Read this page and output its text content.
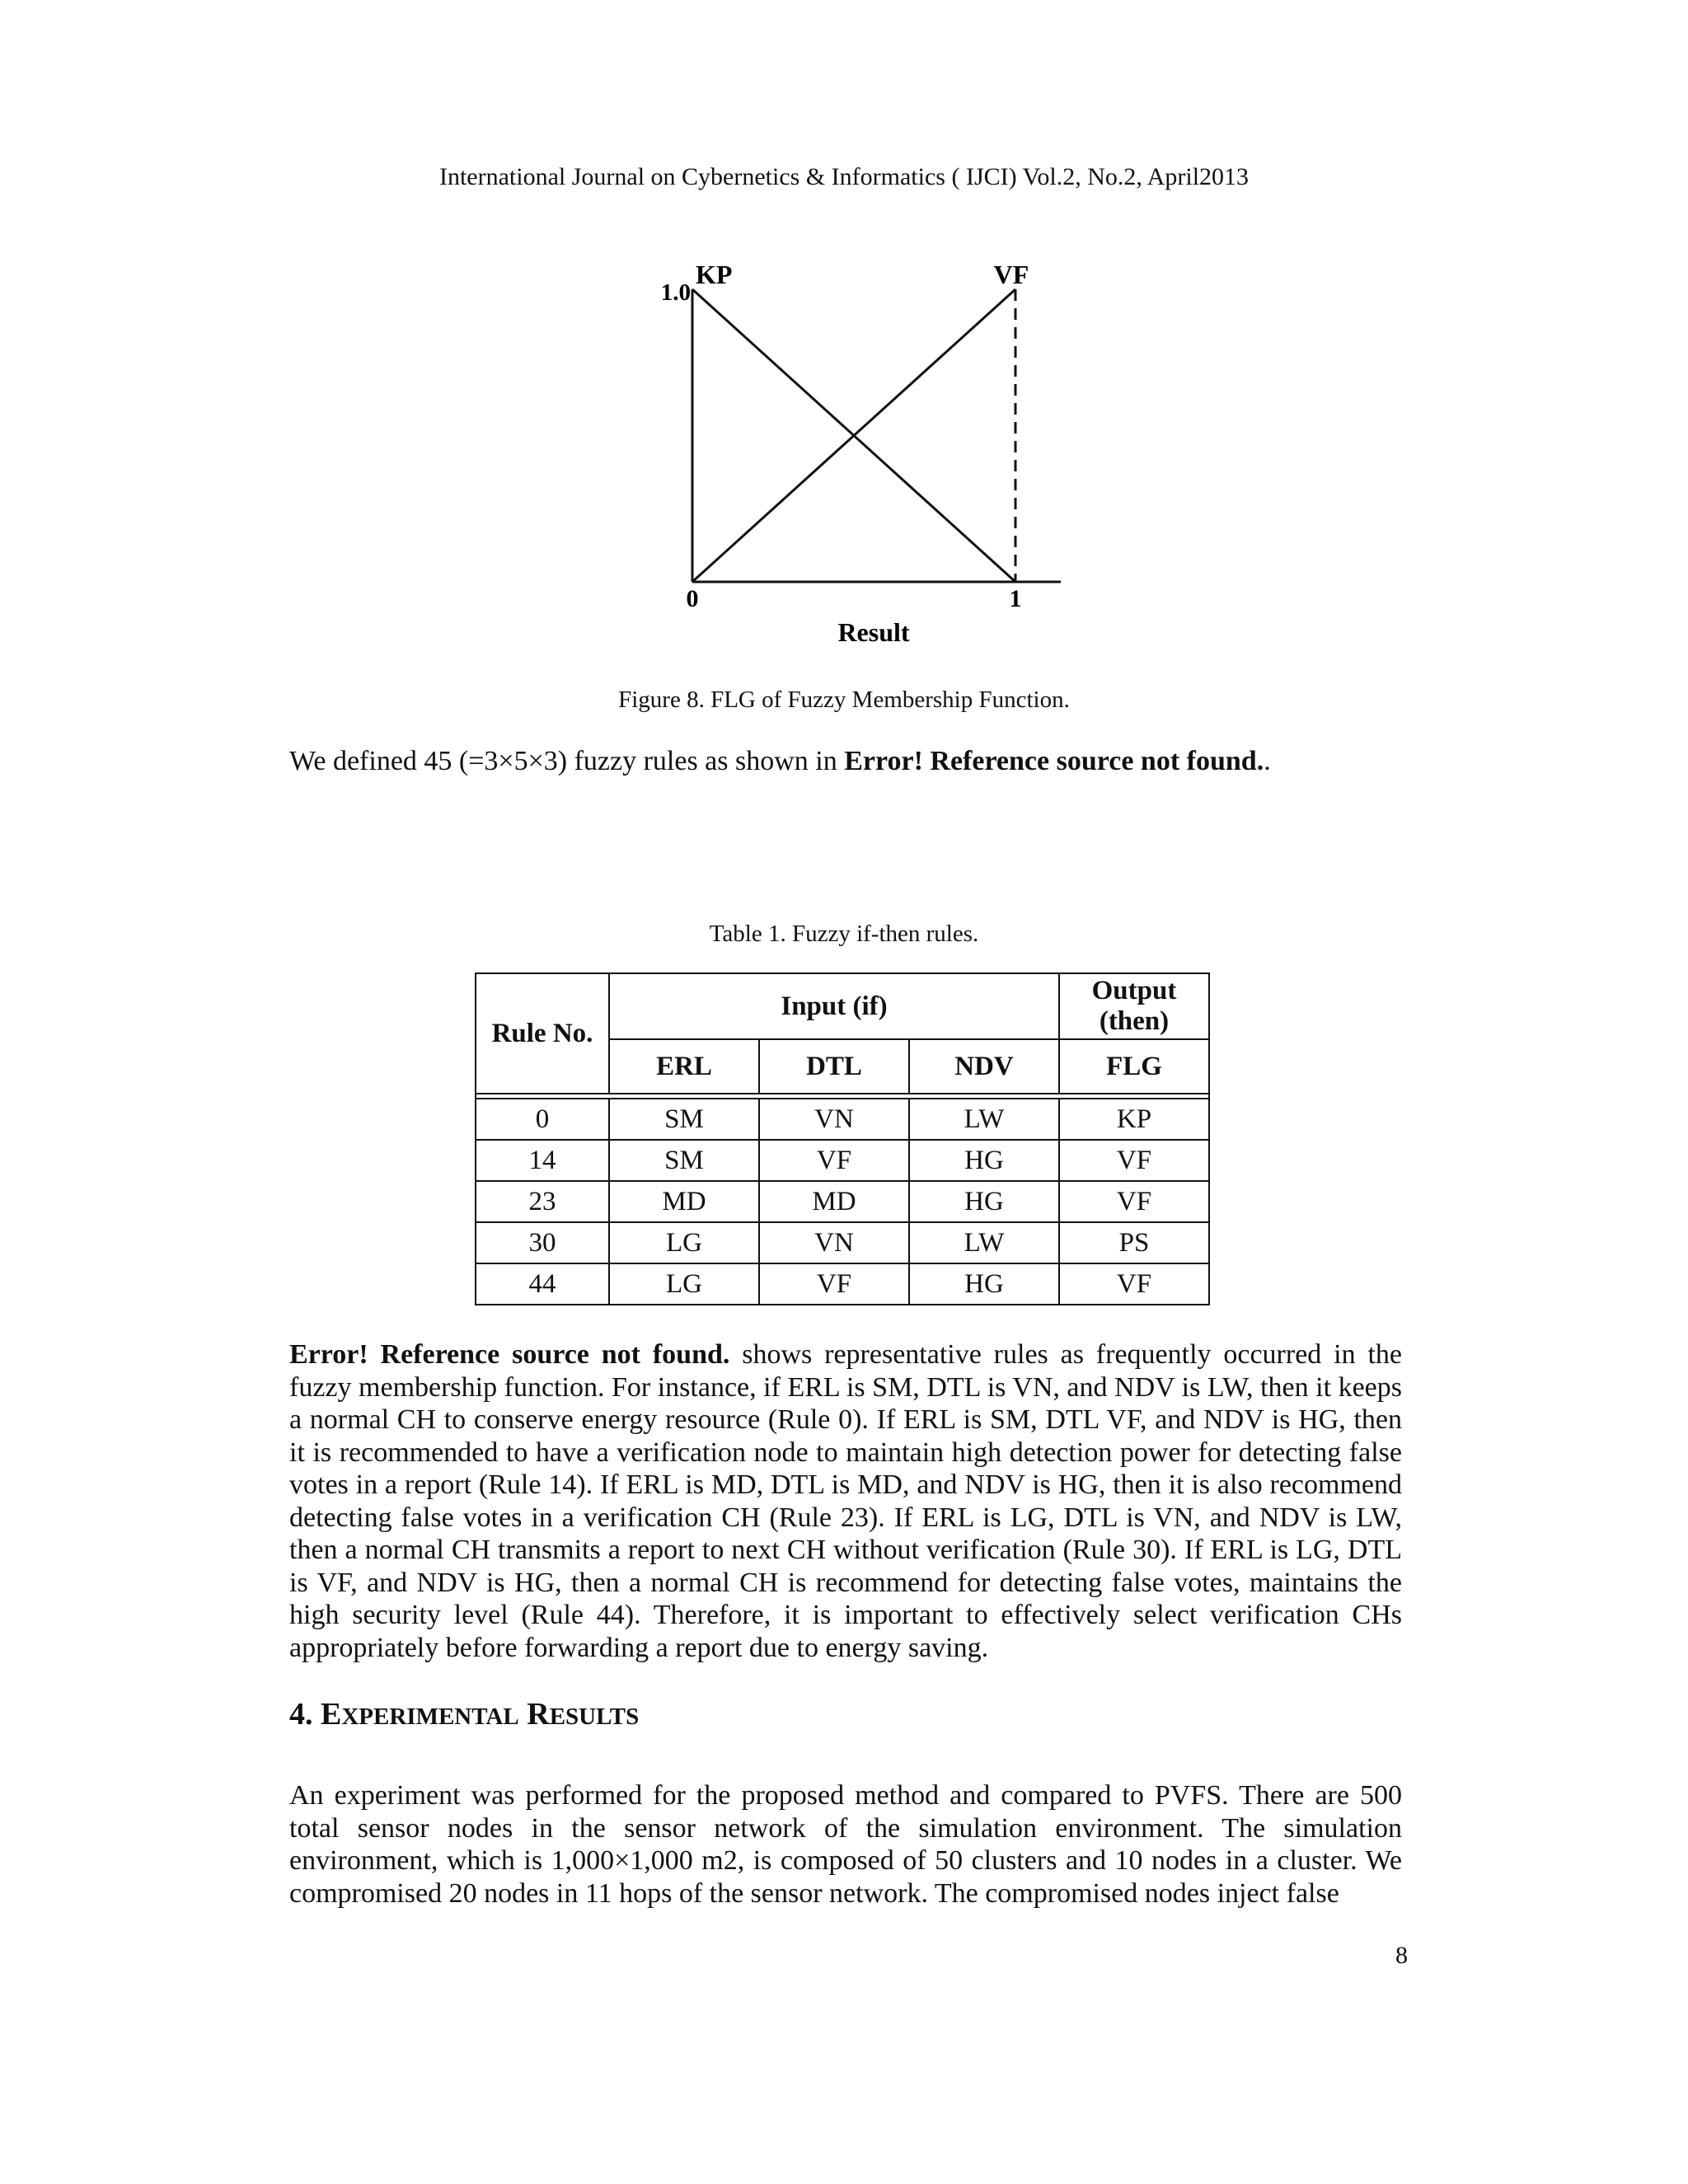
International Journal on Cybernetics & Informatics ( IJCI) Vol.2, No.2, April2013
1.0
KP	VF
0	1
Result
Figure 8. FLG of Fuzzy Membership Function.
We defined 45 (=3×5×3) fuzzy rules as shown in Error! Reference source not found..
Table 1. Fuzzy if-then rules.
Rule No.	Input (if)			Output (then)
	ERL	DTL	NDV	FLG

0	SM	VN	LW	KP
14	SM	VF	HG	VF
23	MD	MD	HG	VF
30	LG	VN	LW	PS
44	LG	VF	HG	VF
Error! Reference source not found. shows representative rules as frequently occurred in the fuzzy membership function. For instance, if ERL is SM, DTL is VN, and NDV is LW, then it keeps a normal CH to conserve energy resource (Rule 0). If ERL is SM, DTL VF, and NDV is HG, then it is recommended to have a verification node to maintain high detection power for detecting false votes in a report (Rule 14). If ERL is MD, DTL is MD, and NDV is HG, then it is also recommend detecting false votes in a verification CH (Rule 23). If ERL is LG, DTL is VN, and NDV is LW, then a normal CH transmits a report to next CH without verification (Rule 30). If ERL is LG, DTL is VF, and NDV is HG, then a normal CH is recommend for detecting false votes, maintains the high security level (Rule 44). Therefore, it is important to effectively select verification CHs appropriately before forwarding a report due to energy saving.
4. EXPERIMENTAL RESULTS
An experiment was performed for the proposed method and compared to PVFS. There are 500 total sensor nodes in the sensor network of the simulation environment. The simulation environment, which is 1,000×1,000 m2, is composed of 50 clusters and 10 nodes in a cluster. We compromised 20 nodes in 11 hops of the sensor network. The compromised nodes inject false
8
